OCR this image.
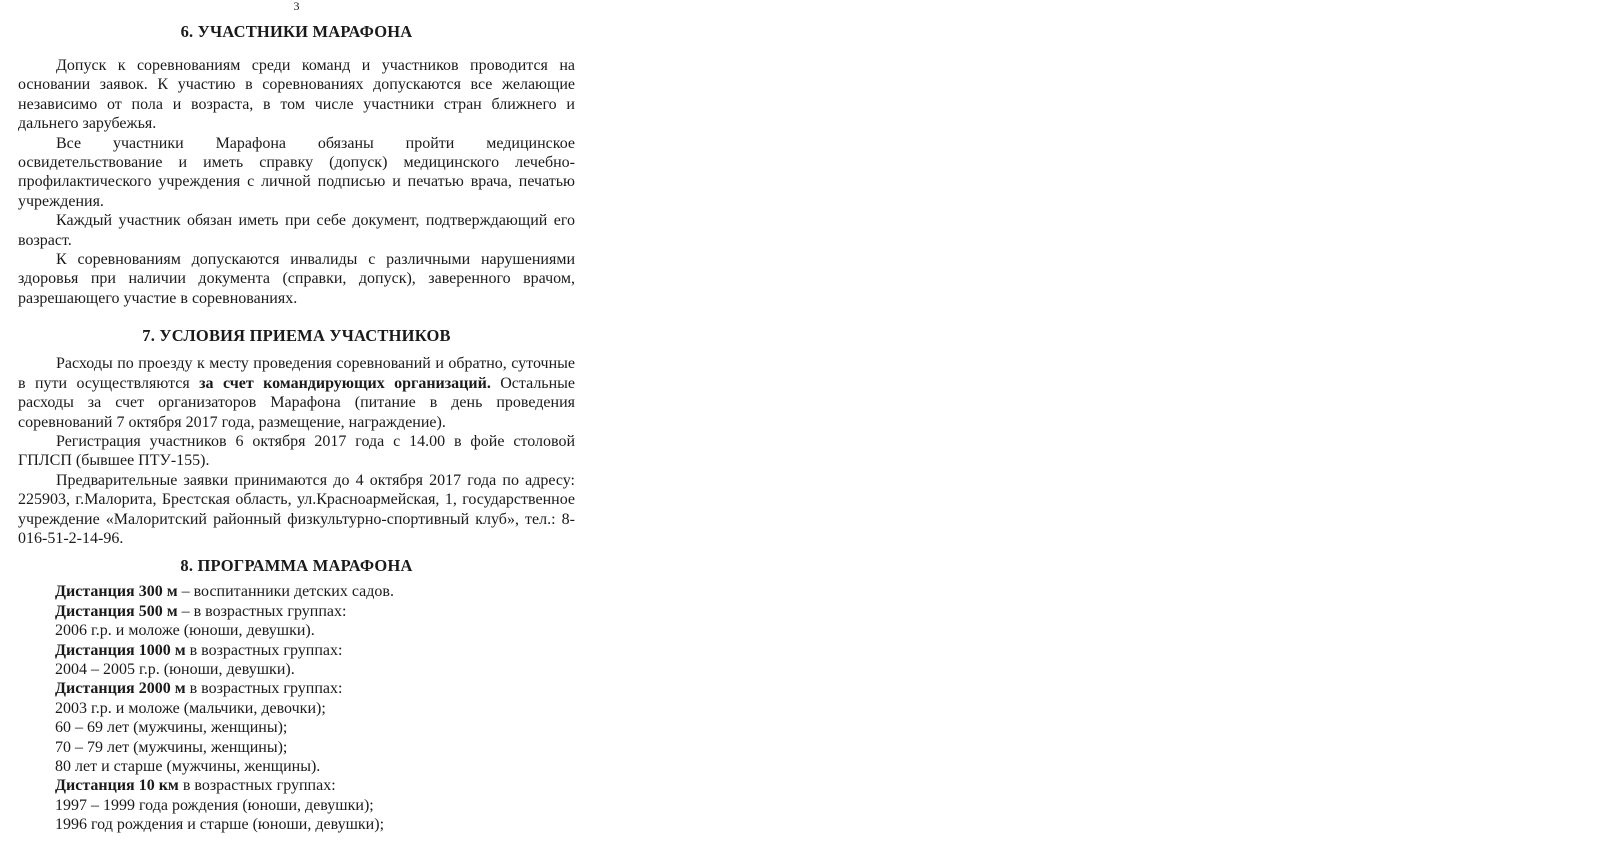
3
6. УЧАСТНИКИ МАРАФОНА

Допуск к соревнованиям среди команд и участников проводится на основании заявок. К участию в соревнованиях допускаются все желающие независимо от пола и возраста, в том числе участники стран ближнего и дальнего зарубежья.

Все участники Марафона обязаны пройти медицинское освидетельствование и иметь справку (допуск) медицинского лечебно-профилактического учреждения с личной подписью и печатью врача, печатью учреждения.

Каждый участник обязан иметь при себе документ, подтверждающий его возраст.

К соревнованиям допускаются инвалиды с различными нарушениями здоровья при наличии документа (справки, допуск), заверенного врачом, разрешающего участие в соревнованиях.

7. УСЛОВИЯ ПРИЕМА УЧАСТНИКОВ

Расходы по проезду к месту проведения соревнований и обратно, суточные в пути осуществляются за счет командирующих организаций. Остальные расходы за счет организаторов Марафона (питание в день проведения соревнований 7 октября 2017 года, размещение, награждение).

Регистрация участников 6 октября 2017 года с 14.00 в фойе столовой ГПЛСП (бывшее ПТУ-155).

Предварительные заявки принимаются до 4 октября 2017 года по адресу: 225903, г.Малорита, Брестская область, ул.Красноармейская, 1, государственное учреждение «Малоритский районный физкультурно-спортивный клуб», тел.: 8-016-51-2-14-96.

8. ПРОГРАММА МАРАФОНА
Дистанция 300 м – воспитанники детских садов.
Дистанция 500 м – в возрастных группах:
2006 г.р. и моложе (юноши, девушки).
Дистанция 1000 м в возрастных группах:
2004 – 2005 г.р. (юноши, девушки).
Дистанция 2000 м в возрастных группах:
2003 г.р. и моложе (мальчики, девочки);
60 – 69 лет (мужчины, женщины);
70 – 79 лет (мужчины, женщины);
80 лет и старше (мужчины, женщины).
Дистанция 10 км в возрастных группах:
1997 – 1999 года рождения (юноши, девушки);
1996 год рождения и старше (юноши, девушки);
